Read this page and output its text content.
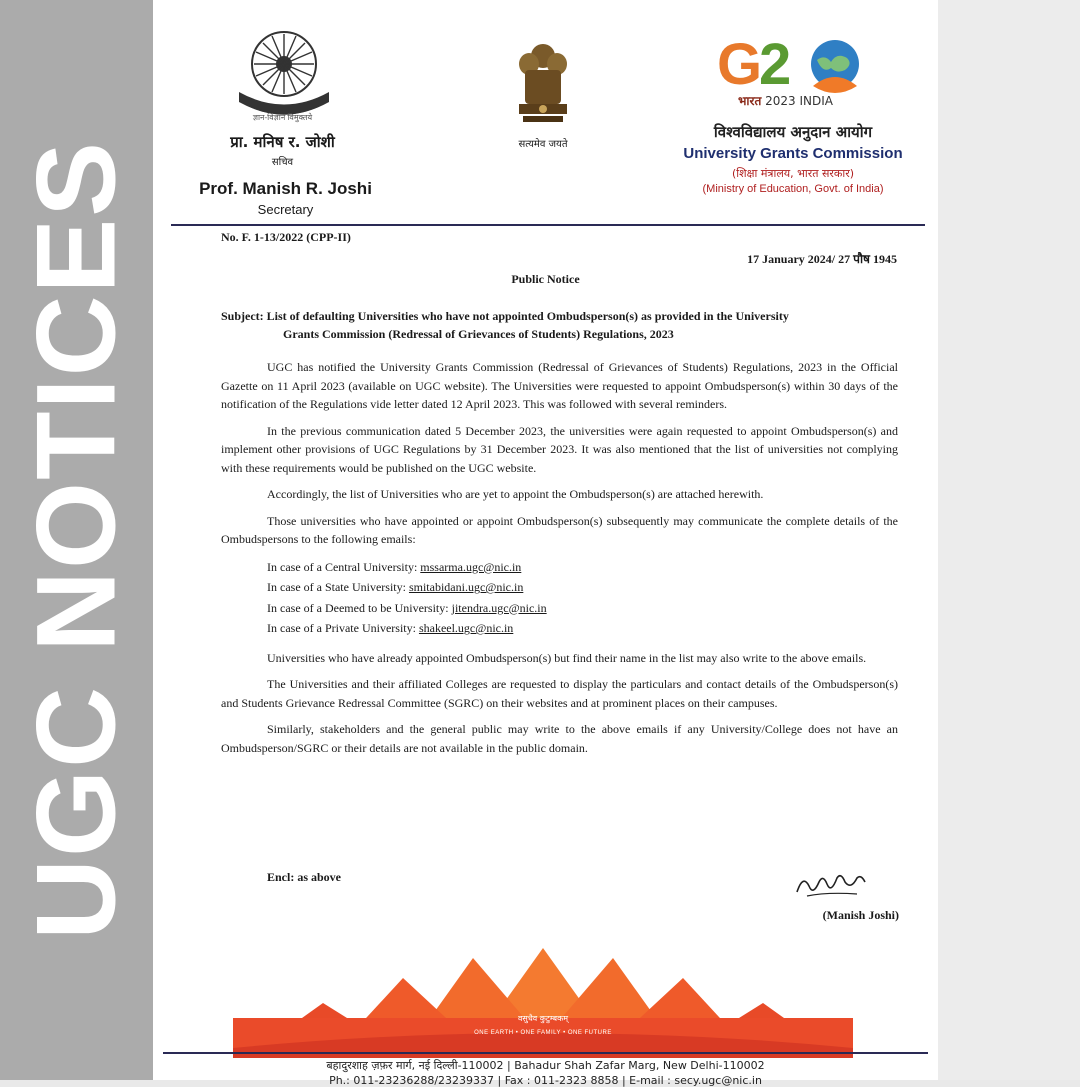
UGC NOTICES
ज्ञान-विज्ञान विमुक्तये
प्रा. मनिष र. जोशी
सचिव
Prof. Manish R. Joshi
Secretary
सत्यमेव जयते
G
2
भारत 2023 INDIA
विश्वविद्यालय अनुदान आयोग
University Grants Commission
(शिक्षा मंत्रालय, भारत सरकार)
(Ministry of Education, Govt. of India)
No. F. 1-13/2022 (CPP-II)
17 January 2024/ 27 पौष 1945
Public Notice
Subject: List of defaulting Universities who have not appointed Ombudsperson(s) as provided in the University
Grants Commission (Redressal of Grievances of Students) Regulations, 2023

UGC has notified the University Grants Commission (Redressal of Grievances of Students) Regulations, 2023 in the Official Gazette on 11 April 2023 (available on UGC website). The Universities were requested to appoint Ombudsperson(s) within 30 days of the notification of the Regulations vide letter dated 12 April 2023. This was followed with several reminders.

In the previous communication dated 5 December 2023, the universities were again requested to appoint Ombudsperson(s) and implement other provisions of UGC Regulations by 31 December 2023. It was also mentioned that the list of universities not complying with these requirements would be published on the UGC website.

Accordingly, the list of Universities who are yet to appoint the Ombudsperson(s) are attached herewith.

Those universities who have appointed or appoint Ombudsperson(s) subsequently may communicate the complete details of the Ombudspersons to the following emails:

In case of a Central University: mssarma.ugc@nic.in
In case of a State University: smitabidani.ugc@nic.in
In case of a Deemed to be University: jitendra.ugc@nic.in
In case of a Private University: shakeel.ugc@nic.in

Universities who have already appointed Ombudsperson(s) but find their name in the list may also write to the above emails.

The Universities and their affiliated Colleges are requested to display the particulars and contact details of the Ombudsperson(s) and Students Grievance Redressal Committee (SGRC) on their websites and at prominent places on their campuses.

Similarly, stakeholders and the general public may write to the above emails if any University/College does not have an Ombudsperson/SGRC or their details are not available in the public domain.

Encl: as above
(Manish Joshi)
वसुधैव कुटुम्बकम्
ONE EARTH • ONE FAMILY • ONE FUTURE
बहादुरशाह ज़फ़र मार्ग, नई दिल्ली-110002 | Bahadur Shah Zafar Marg, New Delhi-110002
Ph.: 011-23236288/23239337 | Fax : 011-2323 8858 | E-mail : secy.ugc@nic.in
